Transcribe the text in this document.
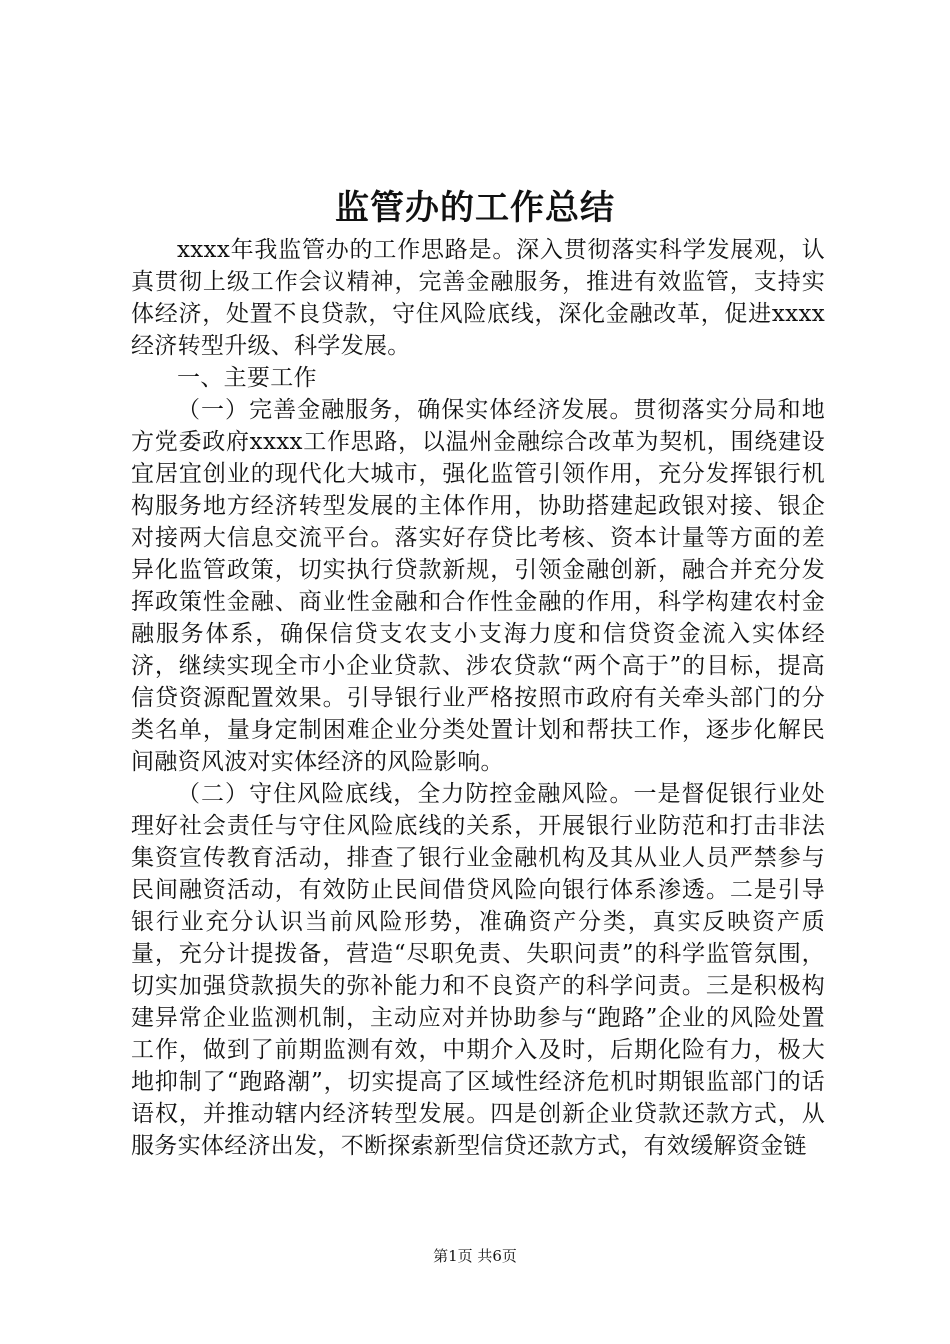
监管办的工作总结

xxxx年我监管办的工作思路是。深入贯彻落实科学发展观，认真贯彻上级工作会议精神，完善金融服务，推进有效监管，支持实体经济，处置不良贷款，守住风险底线，深化金融改革，促进xxxx经济转型升级、科学发展。

一、主要工作

（一）完善金融服务，确保实体经济发展。贯彻落实分局和地方党委政府xxxx工作思路，以温州金融综合改革为契机，围绕建设宜居宜创业的现代化大城市，强化监管引领作用，充分发挥银行机构服务地方经济转型发展的主体作用，协助搭建起政银对接、银企对接两大信息交流平台。落实好存贷比考核、资本计量等方面的差异化监管政策，切实执行贷款新规，引领金融创新，融合并充分发挥政策性金融、商业性金融和合作性金融的作用，科学构建农村金融服务体系，确保信贷支农支小支海力度和信贷资金流入实体经济，继续实现全市小企业贷款、涉农贷款“两个高于”的目标，提高信贷资源配置效果。引导银行业严格按照市政府有关牵头部门的分类名单，量身定制困难企业分类处置计划和帮扶工作，逐步化解民间融资风波对实体经济的风险影响。

（二）守住风险底线，全力防控金融风险。一是督促银行业处理好社会责任与守住风险底线的关系，开展银行业防范和打击非法集资宣传教育活动，排查了银行业金融机构及其从业人员严禁参与民间融资活动，有效防止民间借贷风险向银行体系渗透。二是引导银行业充分认识当前风险形势，准确资产分类，真实反映资产质量，充分计提拨备，营造“尽职免责、失职问责”的科学监管氛围，切实加强贷款损失的弥补能力和不良资产的科学问责。三是积极构建异常企业监测机制，主动应对并协助参与“跑路”企业的风险处置工作，做到了前期监测有效，中期介入及时，后期化险有力，极大地抑制了“跑路潮”，切实提高了区域性经济危机时期银监部门的话语权，并推动辖内经济转型发展。四是创新企业贷款还款方式，从服务实体经济出发，不断探索新型信贷还款方式，有效缓解资金链

第1页 共6页
